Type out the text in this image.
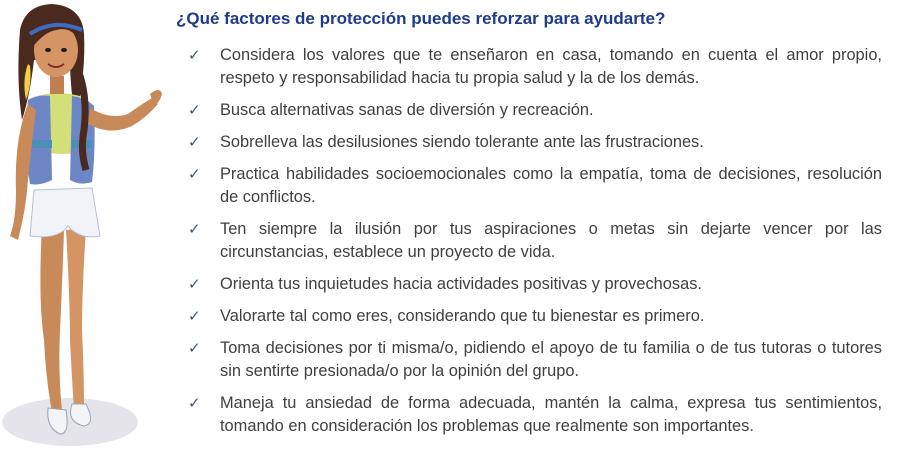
¿Qué factores de protección puedes reforzar para ayudarte?
✓ Considera los valores que te enseñaron en casa, tomando en cuenta el amor propio, respeto y responsabilidad hacia tu propia salud y la de los demás.
✓ Busca alternativas sanas de diversión y recreación.
✓ Sobrelleva las desilusiones siendo tolerante ante las frustraciones.
✓ Practica habilidades socioemocionales como la empatía, toma de decisiones, resolución de conflictos.
✓ Ten siempre la ilusión por tus aspiraciones o metas sin dejarte vencer por las circunstancias, establece un proyecto de vida.
✓ Orienta tus inquietudes hacia actividades positivas y provechosas.
✓ Valorarte tal como eres, considerando que tu bienestar es primero.
✓ Toma decisiones por ti misma/o, pidiendo el apoyo de tu familia o de tus tutoras o tutores sin sentirte presionada/o por la opinión del grupo.
✓ Maneja tu ansiedad de forma adecuada, mantén la calma, expresa tus sentimientos, tomando en consideración los problemas que realmente son importantes.
